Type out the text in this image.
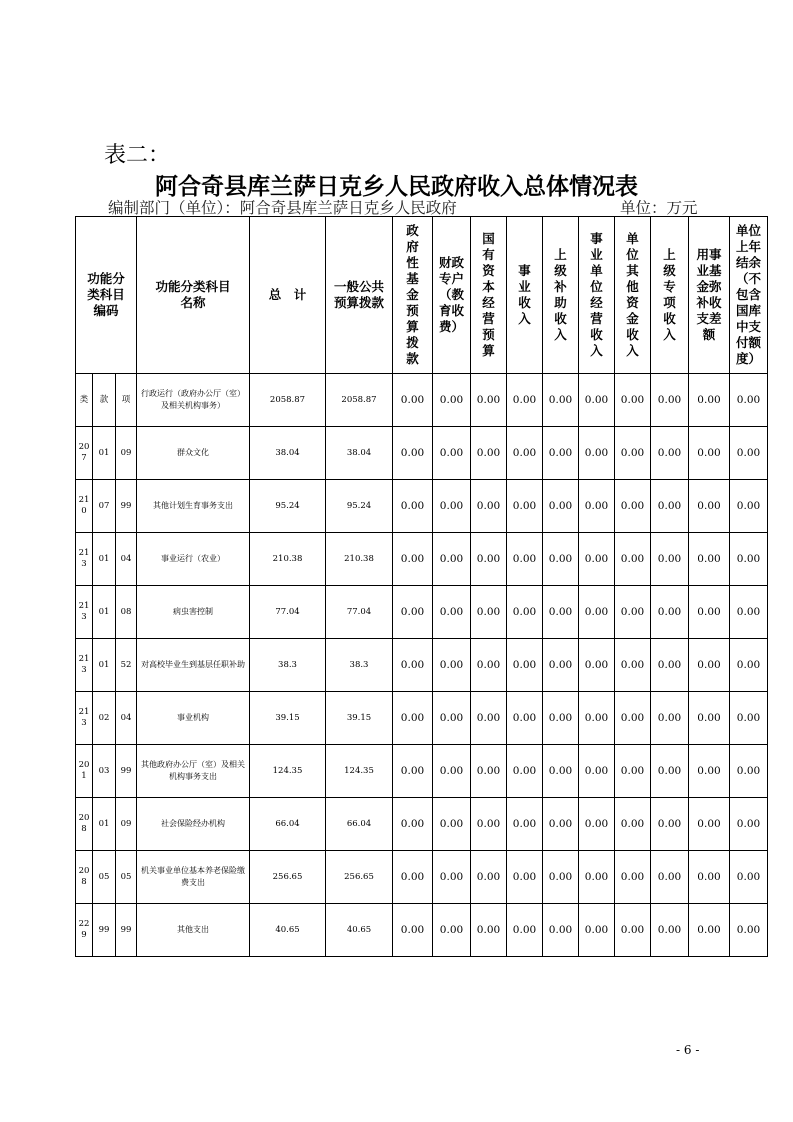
表二：
阿合奇县库兰萨日克乡人民政府收入总体情况表
编制部门（单位）：阿合奇县库兰萨日克乡人民政府	单位：万元
功能分类科目编码			功能分类科目名称	总　计	一般公共预算拨款	政府性基金预算拨款	财政专户（教育收费）	国有资本经营预算	事业收入	上级补助收入	事业单位经营收入	单位其他资金收入	上级专项收入	用事业基金弥补收支差额	单位上年结余（不包含国库中支付额度）
类	款	项	行政运行（政府办公厅（室）及相关机构事务）	2058.87	2058.87	0.00	0.00	0.00	0.00	0.00	0.00	0.00	0.00	0.00	0.00
207	01	09	群众文化	38.04	38.04	0.00	0.00	0.00	0.00	0.00	0.00	0.00	0.00	0.00	0.00
210	07	99	其他计划生育事务支出	95.24	95.24	0.00	0.00	0.00	0.00	0.00	0.00	0.00	0.00	0.00	0.00
213	01	04	事业运行（农业）	210.38	210.38	0.00	0.00	0.00	0.00	0.00	0.00	0.00	0.00	0.00	0.00
213	01	08	病虫害控制	77.04	77.04	0.00	0.00	0.00	0.00	0.00	0.00	0.00	0.00	0.00	0.00
213	01	52	对高校毕业生到基层任职补助	38.3	38.3	0.00	0.00	0.00	0.00	0.00	0.00	0.00	0.00	0.00	0.00
213	02	04	事业机构	39.15	39.15	0.00	0.00	0.00	0.00	0.00	0.00	0.00	0.00	0.00	0.00
201	03	99	其他政府办公厅（室）及相关机构事务支出	124.35	124.35	0.00	0.00	0.00	0.00	0.00	0.00	0.00	0.00	0.00	0.00
208	01	09	社会保险经办机构	66.04	66.04	0.00	0.00	0.00	0.00	0.00	0.00	0.00	0.00	0.00	0.00
208	05	05	机关事业单位基本养老保险缴费支出	256.65	256.65	0.00	0.00	0.00	0.00	0.00	0.00	0.00	0.00	0.00	0.00
229	99	99	其他支出	40.65	40.65	0.00	0.00	0.00	0.00	0.00	0.00	0.00	0.00	0.00	0.00
- 6 -
